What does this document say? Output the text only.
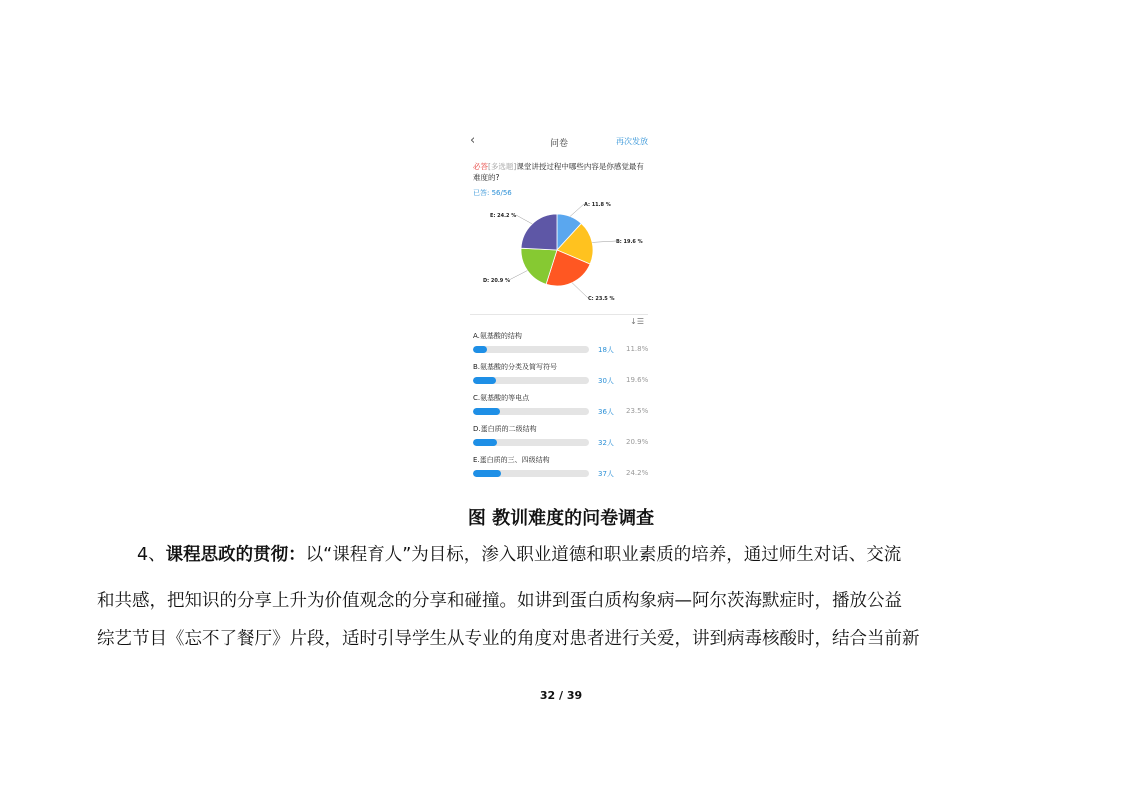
‹	问卷	再次发放
必答[多选题]课堂讲授过程中哪些内容是你感觉最有难度的?
已答: 56/56
A: 11.8 %
B: 19.6 %
C: 23.5 %
D: 20.9 %
E: 24.2 %
↓☰
A.氨基酸的结构
18人 11.8%
B.氨基酸的分类及简写符号
30人 19.6%
C.氨基酸的等电点
36人 23.5%
D.蛋白质的二级结构
32人 20.9%
E.蛋白质的三、四级结构
37人 24.2%
图 教训难度的问卷调查
4、课程思政的贯彻：以“课程育人”为目标，渗入职业道德和职业素质的培养，通过师生对话、交流
和共感，把知识的分享上升为价值观念的分享和碰撞。如讲到蛋白质构象病—阿尔茨海默症时，播放公益
综艺节目《忘不了餐厅》片段，适时引导学生从专业的角度对患者进行关爱，讲到病毒核酸时，结合当前新
32 / 39
